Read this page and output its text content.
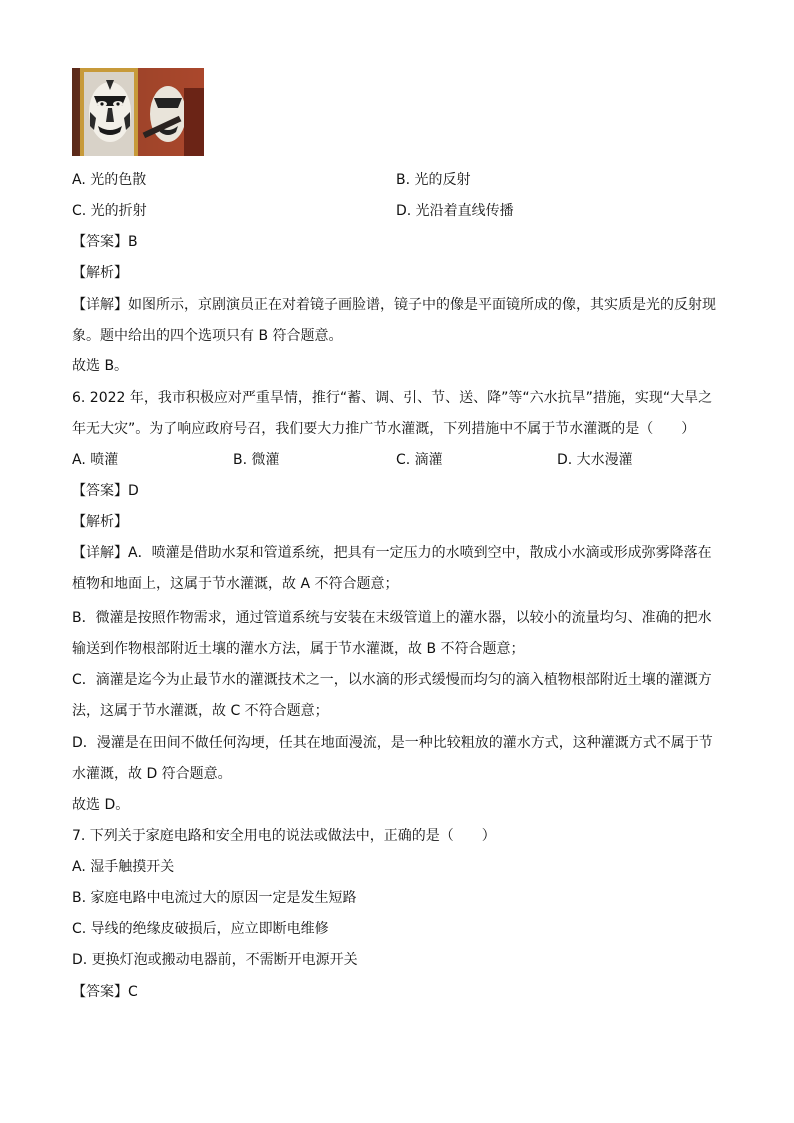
A. 光的色散	B. 光的反射
C. 光的折射	D. 光沿着直线传播
【答案】B
【解析】
【详解】如图所示，京剧演员正在对着镜子画脸谱，镜子中的像是平面镜所成的像，其实质是光的反射现象。题中给出的四个选项只有 B 符合题意。
故选 B。
6. 2022 年，我市积极应对严重旱情，推行“蓄、调、引、节、送、降”等“六水抗旱”措施，实现“大旱之年无大灾”。为了响应政府号召，我们要大力推广节水灌溉，下列措施中不属于节水灌溉的是（　　）
A. 喷灌	B. 微灌	C. 滴灌	D. 大水漫灌
【答案】D
【解析】
【详解】A．喷灌是借助水泵和管道系统，把具有一定压力的水喷到空中，散成小水滴或形成弥雾降落在植物和地面上，这属于节水灌溉，故 A 不符合题意；
B．微灌是按照作物需求，通过管道系统与安装在末级管道上的灌水器，以较小的流量均匀、准确的把水输送到作物根部附近土壤的灌水方法，属于节水灌溉，故 B 不符合题意；
C．滴灌是迄今为止最节水的灌溉技术之一，以水滴的形式缓慢而均匀的滴入植物根部附近土壤的灌溉方法，这属于节水灌溉，故 C 不符合题意；
D．漫灌是在田间不做任何沟埂，任其在地面漫流，是一种比较粗放的灌水方式，这种灌溉方式不属于节水灌溉，故 D 符合题意。
故选 D。
7. 下列关于家庭电路和安全用电的说法或做法中，正确的是（　　）
A. 湿手触摸开关
B. 家庭电路中电流过大的原因一定是发生短路
C. 导线的绝缘皮破损后，应立即断电维修
D. 更换灯泡或搬动电器前，不需断开电源开关
【答案】C
